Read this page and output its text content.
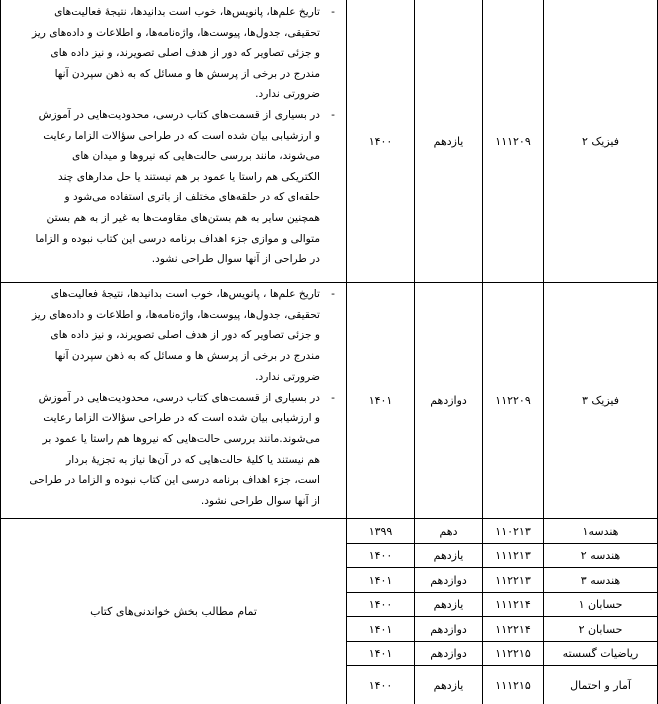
فیزیک ۲
۱۱۱۲۰۹
یازدهم
۱۴۰۰
-
تاریخ علم‌ها، پانویس‌ها، خوب است بدانیدها، نتیجهٔ فعالیت‌های
تحقیقی، جدول‌ها، پیوست‌ها، واژه‌نامه‌ها، و اطلاعات و داده‌های ریز
و جزئی تصاویر که دور از هدف اصلی تصویرند، و نیز داده های
مندرج در برخی از پرسش ها و مسائل که به ذهن سپردن آنها
ضرورتی ندارد.
-
در بسیاری از قسمت‌های کتاب درسی، محدودیت‌هایی در آموزش
و ارزشیابی بیان شده است که در طراحی سؤالات الزاما رعایت
می‌شوند، مانند بررسی حالت‌هایی که نیروها و میدان های
الکتریکی هم راستا یا عمود بر هم نیستند یا حل مدارهای چند
حلقه‌ای که در حلقه‌های مختلف از باتری استفاده می‌شود و
همچنین سایر به هم بستن‌های مقاومت‌ها به غیر از به هم بستن
متوالی و موازی جزء اهداف برنامه درسی این کتاب نبوده و الزاما
در طراحی از آنها سوال طراحی نشود.
فیزیک ۳
۱۱۲۲۰۹
دوازدهم
۱۴۰۱
-
تاریخ علم‌ها ، پانویس‌ها، خوب است بدانیدها، نتیجهٔ فعالیت‌های
تحقیقی، جدول‌ها، پیوست‌ها، واژه‌نامه‌ها، و اطلاعات و داده‌های ریز
و جزئی تصاویر که دور از هدف اصلی تصویرند، و نیز داده های
مندرج در برخی از پرسش ها و مسائل که به ذهن سپردن آنها
ضرورتی ندارد.
-
در بسیاری از قسمت‌های کتاب درسی، محدودیت‌هایی در آموزش
و ارزشیابی بیان شده است که در طراحی سؤالات الزاما رعایت
می‌شوند.مانند بررسی حالت‌هایی که نیروها هم راستا یا عمود بر
هم نیستند یا کلیهٔ حالت‌هایی که در آن‌ها نیاز به تجزیهٔ بردار
است، جزء اهداف برنامه درسی این کتاب نبوده و الزاما در طراحی
از آنها سوال طراحی نشود.
تمام مطالب بخش خواندنی‌های کتاب
هندسه۱
۱۱۰۲۱۳
دهم
۱۳۹۹
هندسه ۲
۱۱۱۲۱۳
یازدهم
۱۴۰۰
هندسه ۳
۱۱۲۲۱۳
دوازدهم
۱۴۰۱
حسابان ۱
۱۱۱۲۱۴
یازدهم
۱۴۰۰
حسابان ۲
۱۱۲۲۱۴
دوازدهم
۱۴۰۱
ریاضیات گسسته
۱۱۲۲۱۵
دوازدهم
۱۴۰۱
آمار و احتمال
۱۱۱۲۱۵
یازدهم
۱۴۰۰
